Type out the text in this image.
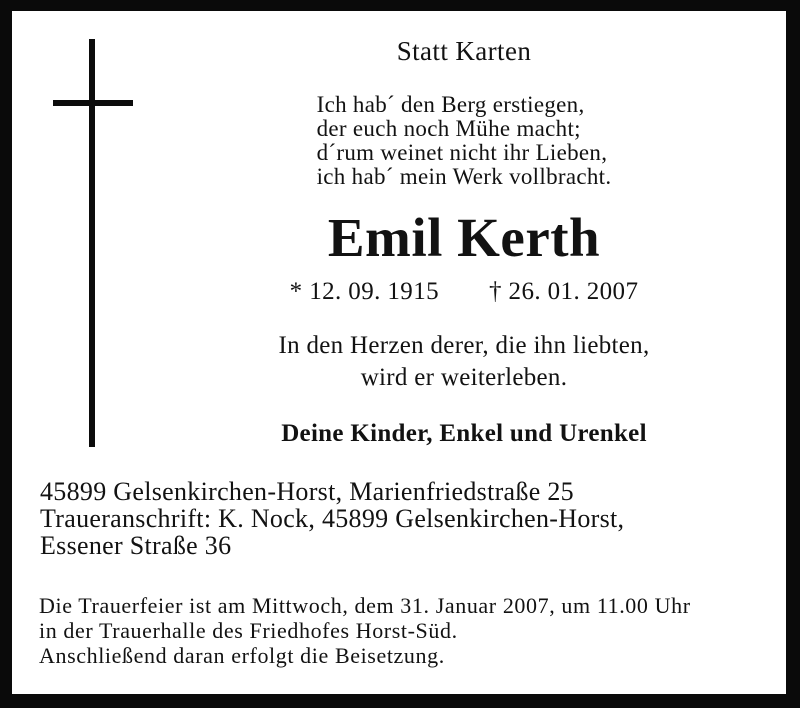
Statt Karten
Ich hab´ den Berg erstiegen,
der euch noch Mühe macht;
d´rum weinet nicht ihr Lieben,
ich hab´ mein Werk vollbracht.
Emil Kerth
* 12. 09. 1915 † 26. 01. 2007
In den Herzen derer, die ihn liebten,
wird er weiterleben.
Deine Kinder, Enkel und Urenkel
45899 Gelsenkirchen-Horst, Marienfriedstraße 25
Traueranschrift: K. Nock, 45899 Gelsenkirchen-Horst,
Essener Straße 36
Die Trauerfeier ist am Mittwoch, dem 31. Januar 2007, um 11.00 Uhr
in der Trauerhalle des Friedhofes Horst-Süd.
Anschließend daran erfolgt die Beisetzung.
